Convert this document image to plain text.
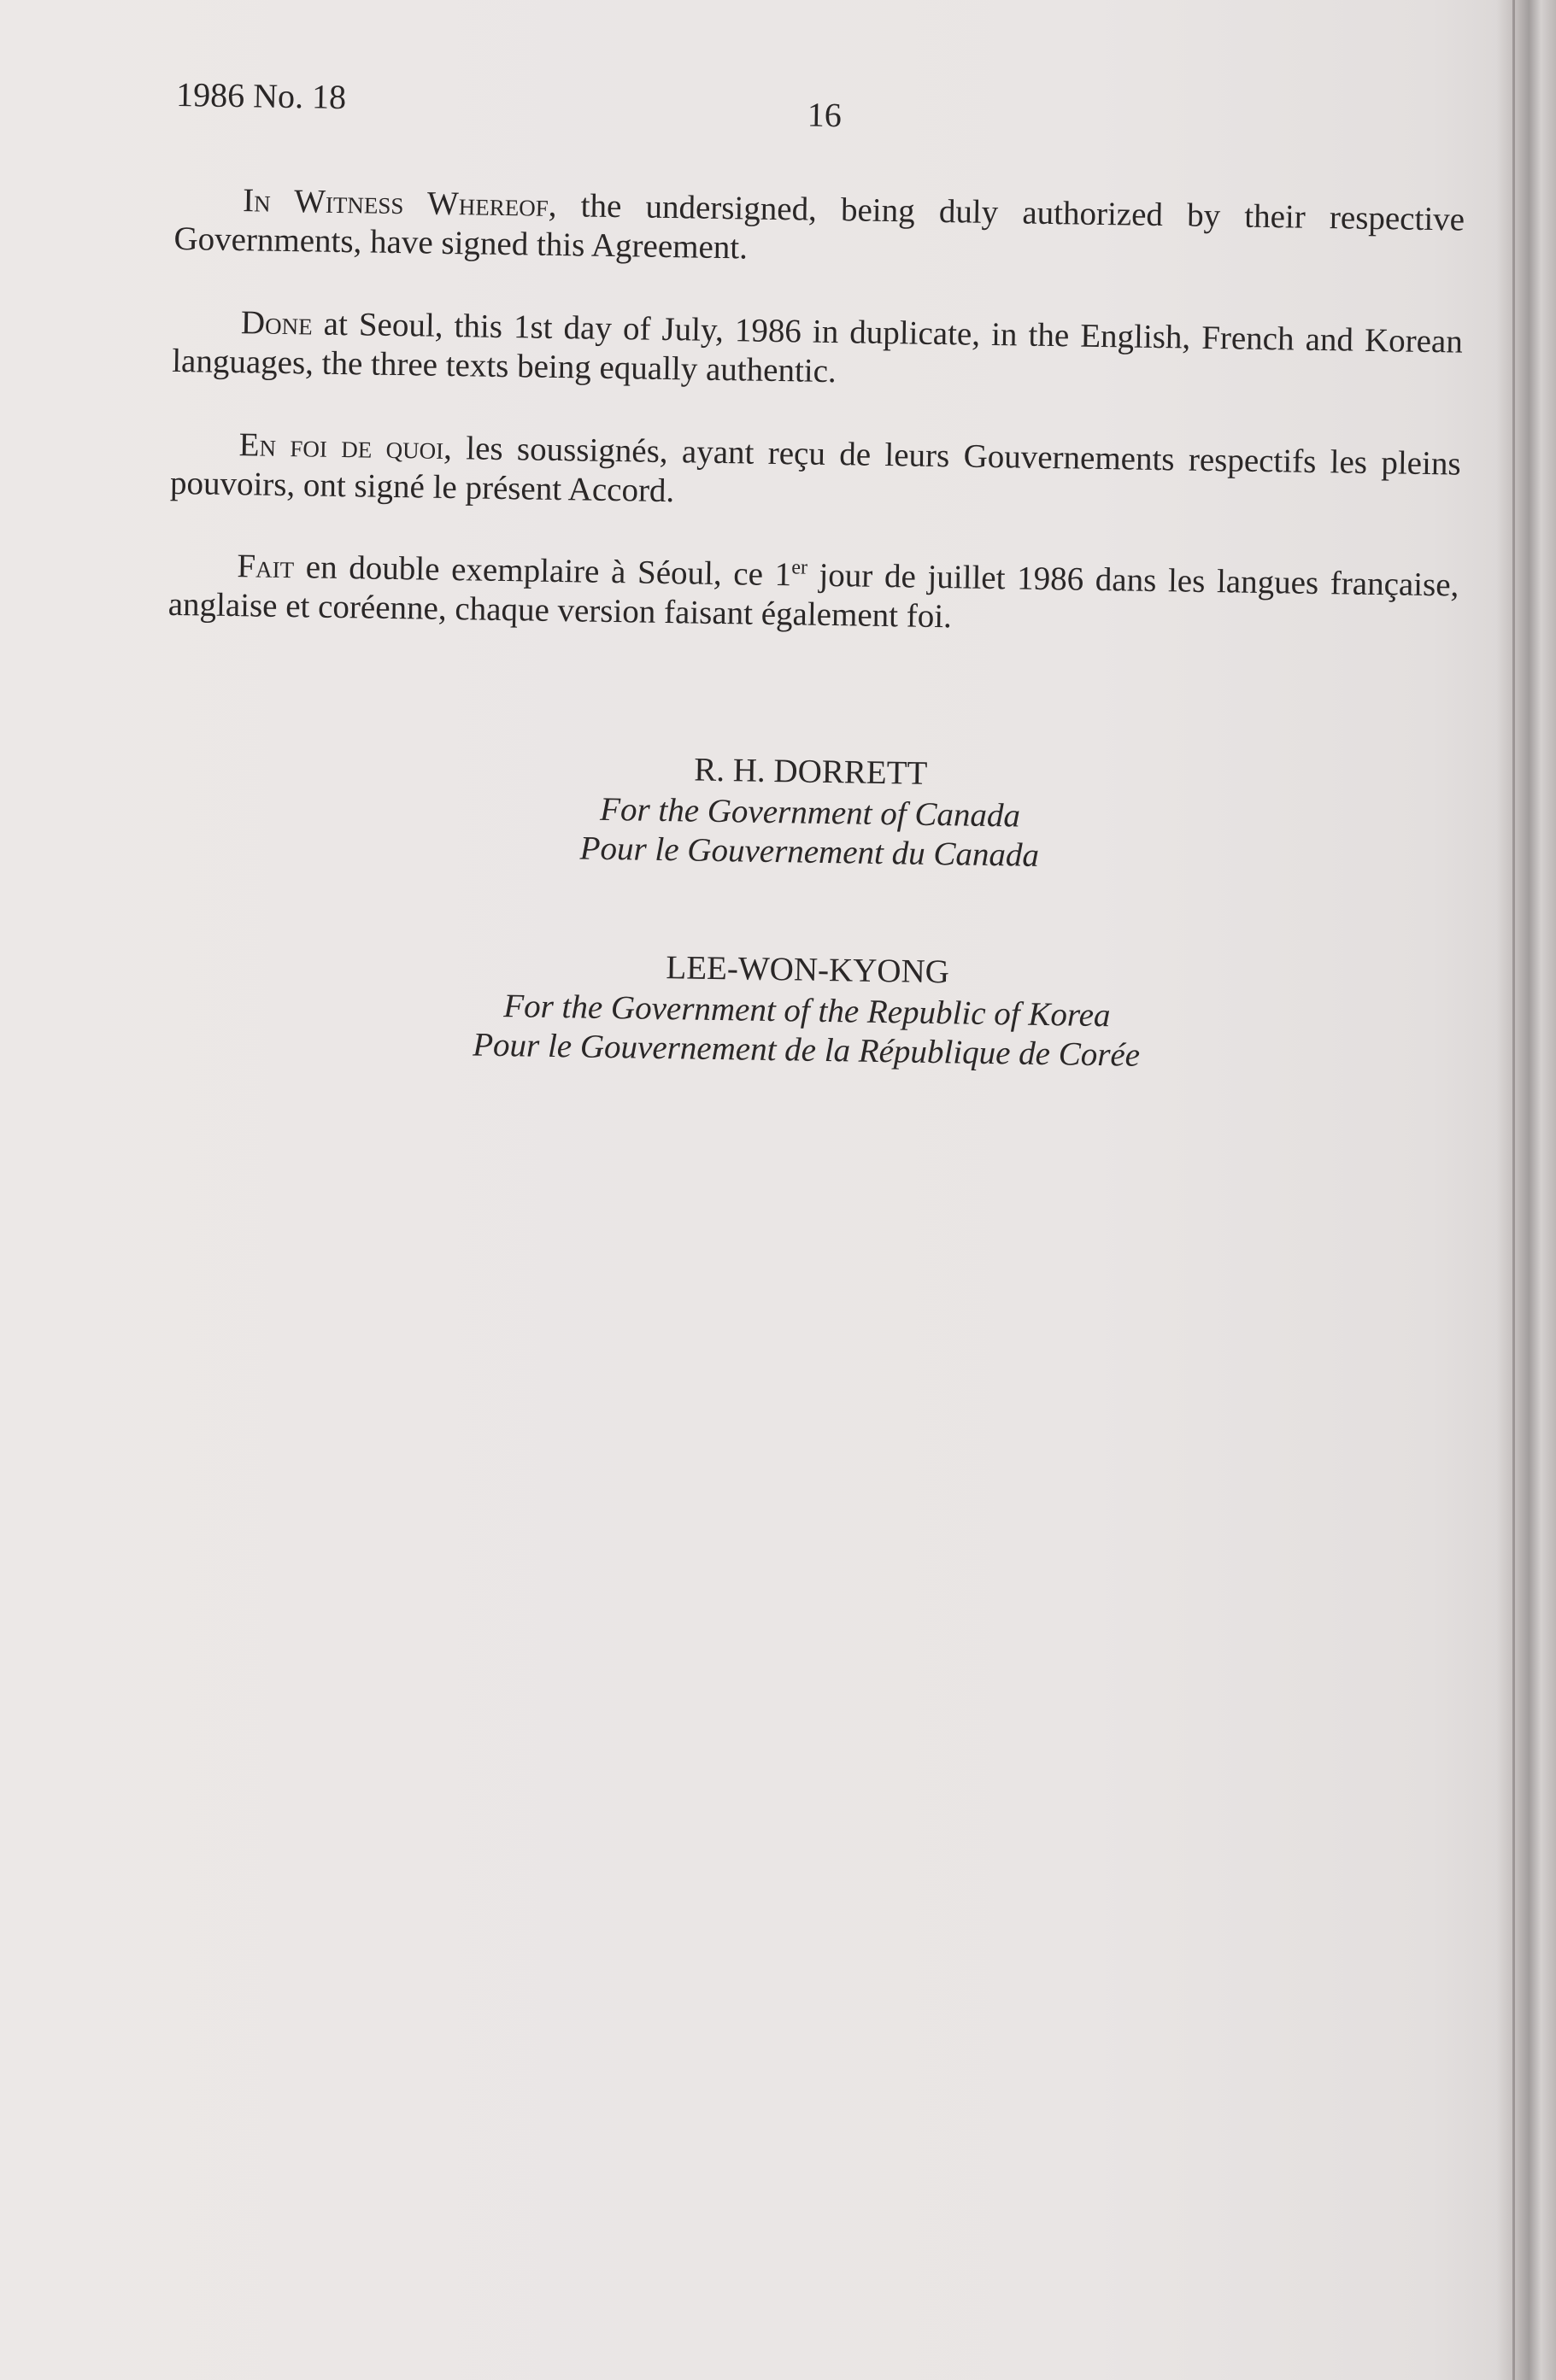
1986 No. 18	16

In Witness Whereof, the undersigned, being duly authorized by their respective Governments, have signed this Agreement.

Done at Seoul, this 1st day of July, 1986 in duplicate, in the English, French and Korean languages, the three texts being equally authentic.

En foi de quoi, les soussignés, ayant reçu de leurs Gouvernements respectifs les pleins pouvoirs, ont signé le présent Accord.

Fait en double exemplaire à Séoul, ce 1er jour de juillet 1986 dans les langues française, anglaise et coréenne, chaque version faisant également foi.

R. H. DORRETT
For the Government of Canada
Pour le Gouvernement du Canada
LEE-WON-KYONG
For the Government of the Republic of Korea
Pour le Gouvernement de la République de Corée
